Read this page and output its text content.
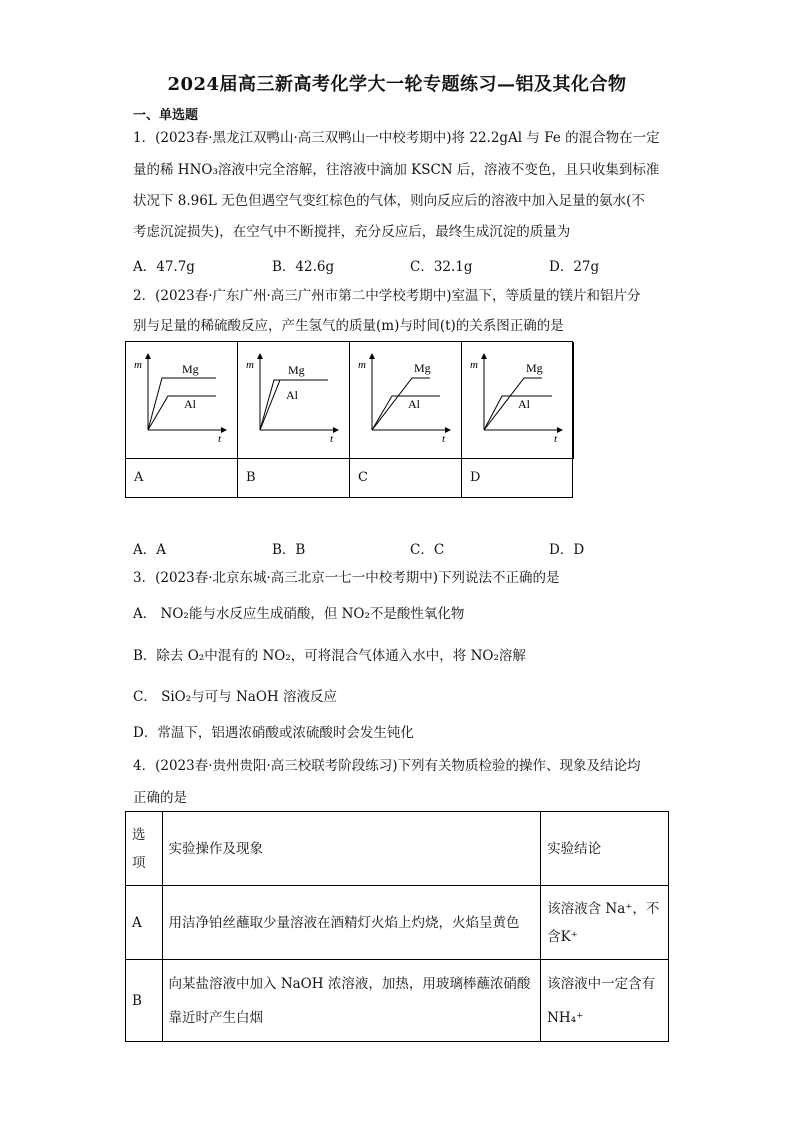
2024届高三新高考化学大一轮专题练习—铝及其化合物
一、单选题
1．(2023春·黑龙江双鸭山·高三双鸭山一中校考期中)将 22.2gAl 与 Fe 的混合物在一定
量的稀 HNO₃溶液中完全溶解，往溶液中滴加 KSCN 后，溶液不变色，且只收集到标准
状况下 8.96L 无色但遇空气变红棕色的气体，则向反应后的溶液中加入足量的氨水(不
考虑沉淀损失)，在空气中不断搅拌，充分反应后，最终生成沉淀的质量为
A．47.7g	B．42.6g	C．32.1g	D．27g
2．(2023春·广东广州·高三广州市第二中学校考期中)室温下，等质量的镁片和铝片分
别与足量的稀硫酸反应，产生氢气的质量(m)与时间(t)的关系图正确的是
m
t
Mg
Al
m
t
Mg
Al
m
t
Mg
Al
m
t
Mg
Al
A	B	C	D
A．A	B．B	C．C	D．D
3．(2023春·北京东城·高三北京一七一中校考期中)下列说法不正确的是
A． NO₂能与水反应生成硝酸，但 NO₂不是酸性氧化物
B．除去 O₂中混有的 NO₂，可将混合气体通入水中，将 NO₂溶解
C． SiO₂与可与 NaOH 溶液反应
D．常温下，铝遇浓硝酸或浓硫酸时会发生钝化
4．(2023春·贵州贵阳·高三校联考阶段练习)下列有关物质检验的操作、现象及结论均
正确的是
选项	实验操作及现象	实验结论
A	用洁净铂丝蘸取少量溶液在酒精灯火焰上灼烧，火焰呈黄色	该溶液含 Na⁺，不含K⁺
B	向某盐溶液中加入 NaOH 浓溶液，加热，用玻璃棒蘸浓硝酸靠近时产生白烟	该溶液中一定含有NH₄⁺
